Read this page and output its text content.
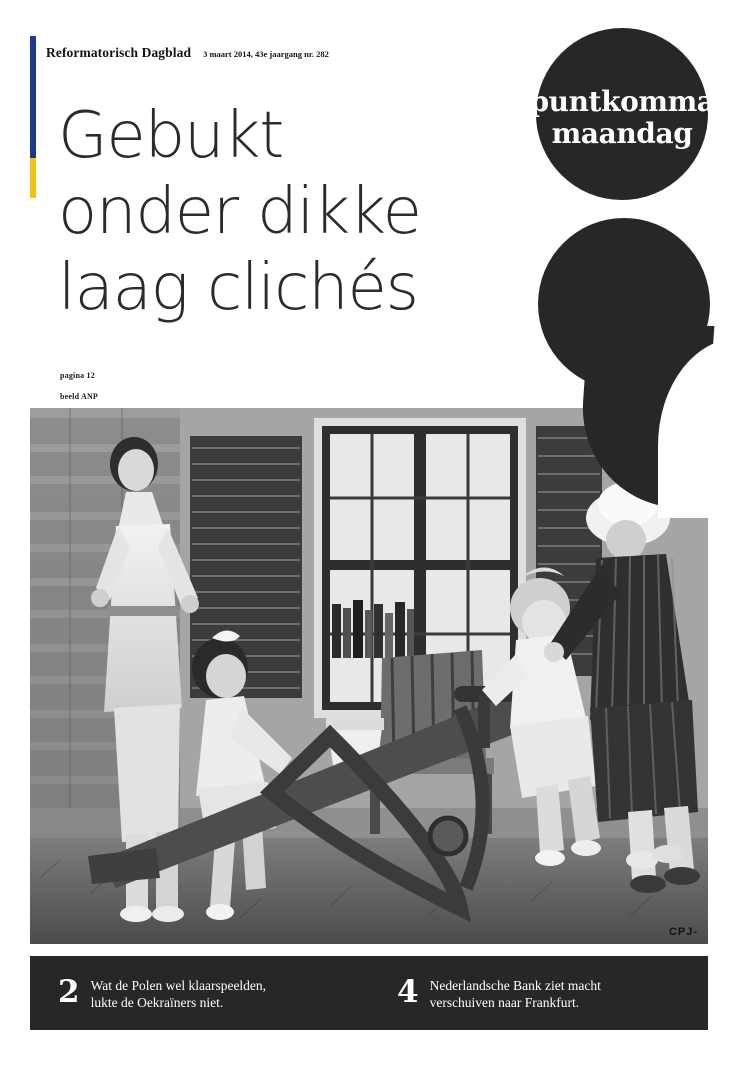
Reformatorisch Dagblad 3 maart 2014, 43e jaargang nr. 282
Gebukt
onder dikke
laag clichés
pagina 12
beeld ANP
puntkomma
maandag
CPJ-
2 Wat de Polen wel klaarspeelden,
lukte de Oekraïners niet.	4 Nederlandsche Bank ziet macht
verschuiven naar Frankfurt.
